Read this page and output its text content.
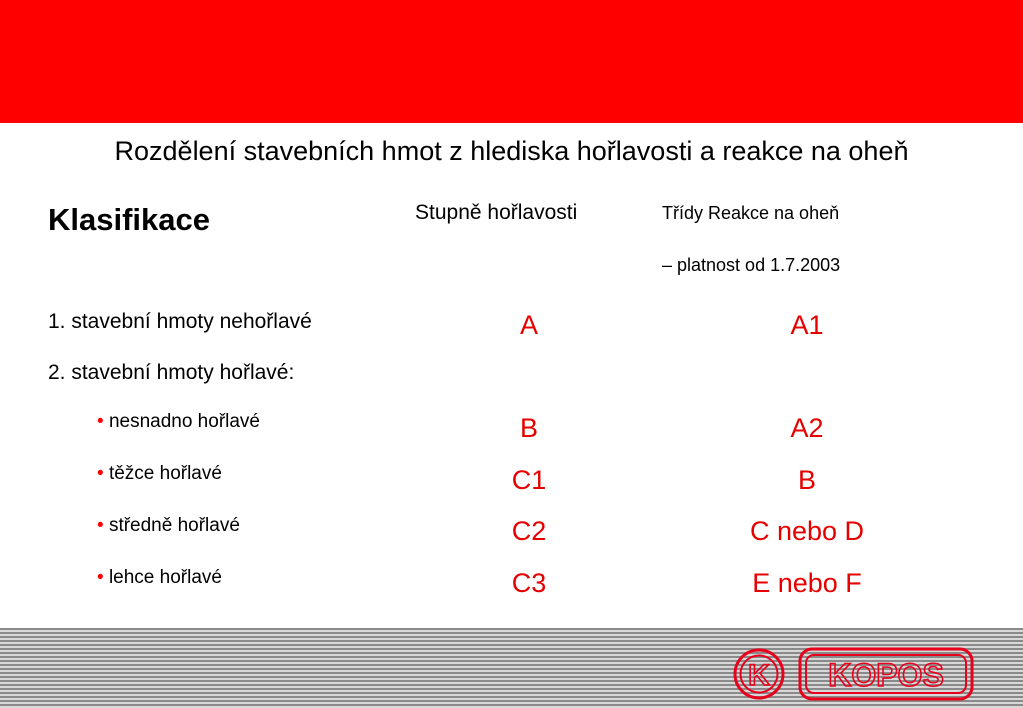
Rozdělení stavebních hmot z hlediska hořlavosti a reakce na oheň
Klasifikace	Stupně hořlavosti	Třídy Reakce na oheň
– platnost od 1.7.2003
1. stavební hmoty nehořlavé	A	A1
2. stavební hmoty hořlavé:
• nesnadno hořlavé	B	A2
• těžce hořlavé	C1	B
• středně hořlavé	C2	C nebo D
• lehce hořlavé	C3	E nebo F
K KOPOS
